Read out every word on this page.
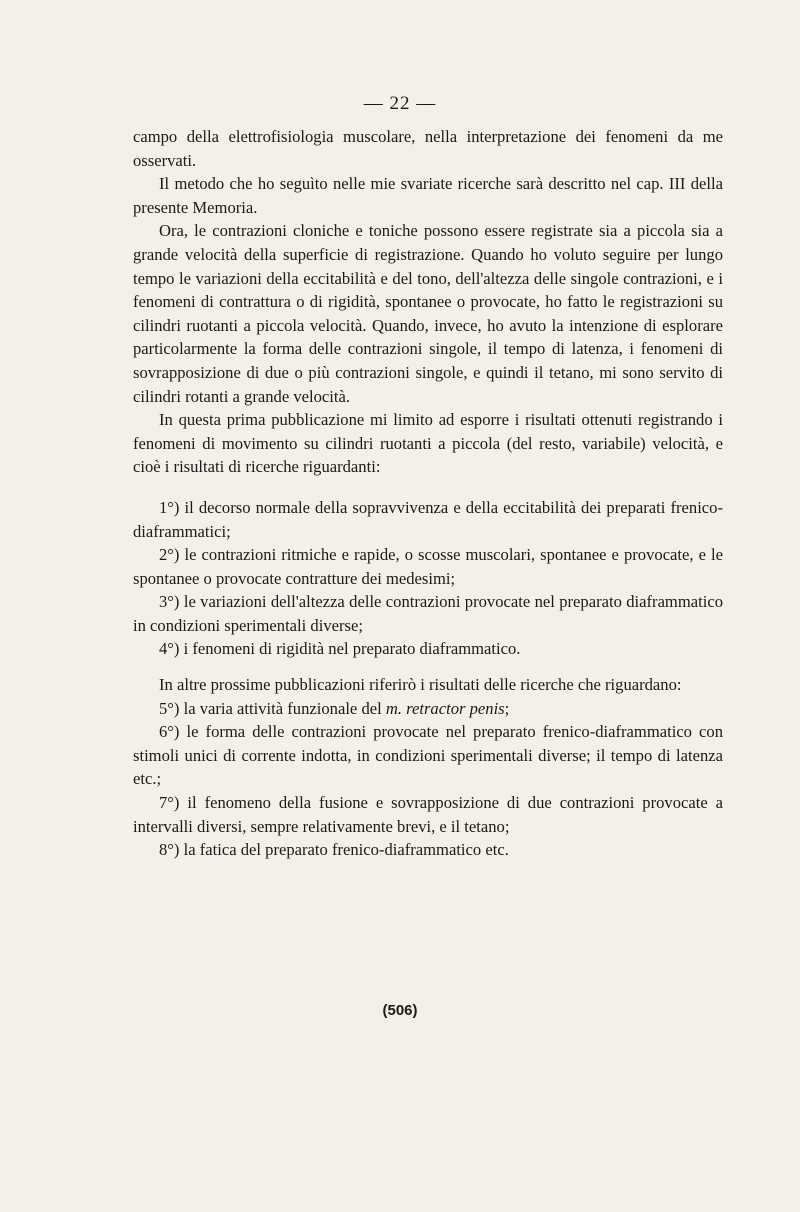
— 22 —

campo della elettrofisiologia muscolare, nella interpretazione dei fenomeni da me osservati.

Il metodo che ho seguìto nelle mie svariate ricerche sarà descritto nel cap. III della presente Memoria.

Ora, le contrazioni cloniche e toniche possono essere registrate sia a piccola sia a grande velocità della superficie di registrazione. Quando ho voluto seguire per lungo tempo le variazioni della eccitabilità e del tono, dell'altezza delle singole contrazioni, e i fenomeni di contrattura o di rigidità, spontanee o provocate, ho fatto le registrazioni su cilindri ruotanti a piccola velocità. Quando, invece, ho avuto la intenzione di esplorare particolarmente la forma delle contrazioni singole, il tempo di latenza, i fenomeni di sovrapposizione di due o più contrazioni singole, e quindi il tetano, mi sono servito di cilindri rotanti a grande velocità.

In questa prima pubblicazione mi limito ad esporre i risultati ottenuti registrando i fenomeni di movimento su cilindri ruotanti a piccola (del resto, variabile) velocità, e cioè i risultati di ricerche riguardanti:

1°) il decorso normale della sopravvivenza e della eccitabilità dei preparati frenico-diaframmatici;

2°) le contrazioni ritmiche e rapide, o scosse muscolari, spontanee e provocate, e le spontanee o provocate contratture dei medesimi;

3°) le variazioni dell'altezza delle contrazioni provocate nel preparato diaframmatico in condizioni sperimentali diverse;

4°) i fenomeni di rigidità nel preparato diaframmatico.

In altre prossime pubblicazioni riferirò i risultati delle ricerche che riguardano:

5°) la varia attività funzionale del m. retractor penis;

6°) le forma delle contrazioni provocate nel preparato frenico-diaframmatico con stimoli unici di corrente indotta, in condizioni sperimentali diverse; il tempo di latenza etc.;

7°) il fenomeno della fusione e sovrapposizione di due contrazioni provocate a intervalli diversi, sempre relativamente brevi, e il tetano;

8°) la fatica del preparato frenico-diaframmatico etc.

(506)
